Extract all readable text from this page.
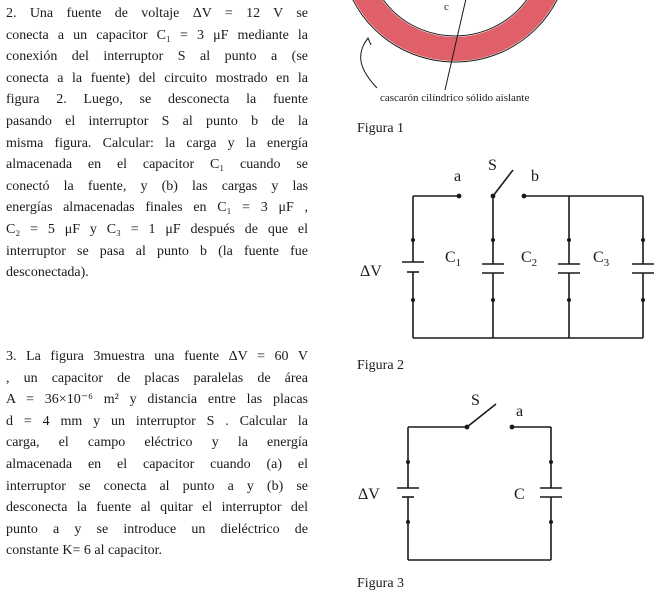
2. Una fuente de voltaje ΔV = 12 V se
conecta a un capacitor C₁ = 3 μF mediante la
conexión del interruptor S al punto a (se
conecta a la fuente) del circuito mostrado en la
figura 2. Luego, se desconecta la fuente
pasando el interruptor S al punto b de la
misma figura. Calcular: la carga y la energía
almacenada en el capacitor C₁ cuando se
conectó la fuente, y (b) las cargas y las
energías almacenadas finales en C₁ = 3 μF ,
C₂ = 5 μF y C₃ = 1 μF después de que el
interruptor se pasa al punto b (la fuente fue
desconectada).
3. La figura 3muestra una fuente ΔV = 60 V
, un capacitor de placas paralelas de área
A = 36×10⁻⁶ m² y distancia entre las placas
d = 4 mm y un interruptor S . Calcular la
carga, el campo eléctrico y la energía
almacenada en el capacitor cuando (a) el
interruptor se conecta al punto a y (b) se
desconecta la fuente al quitar el interruptor del
punto a y se introduce un dieléctrico de
constante K= 6 al capacitor.
c
cascarón cilíndrico sólido aislante
Figura 1
ΔV
S
a	b
$C_1$	$C_2$	$C_3$
Figura 2
ΔV
S
a
C
Figura 3
